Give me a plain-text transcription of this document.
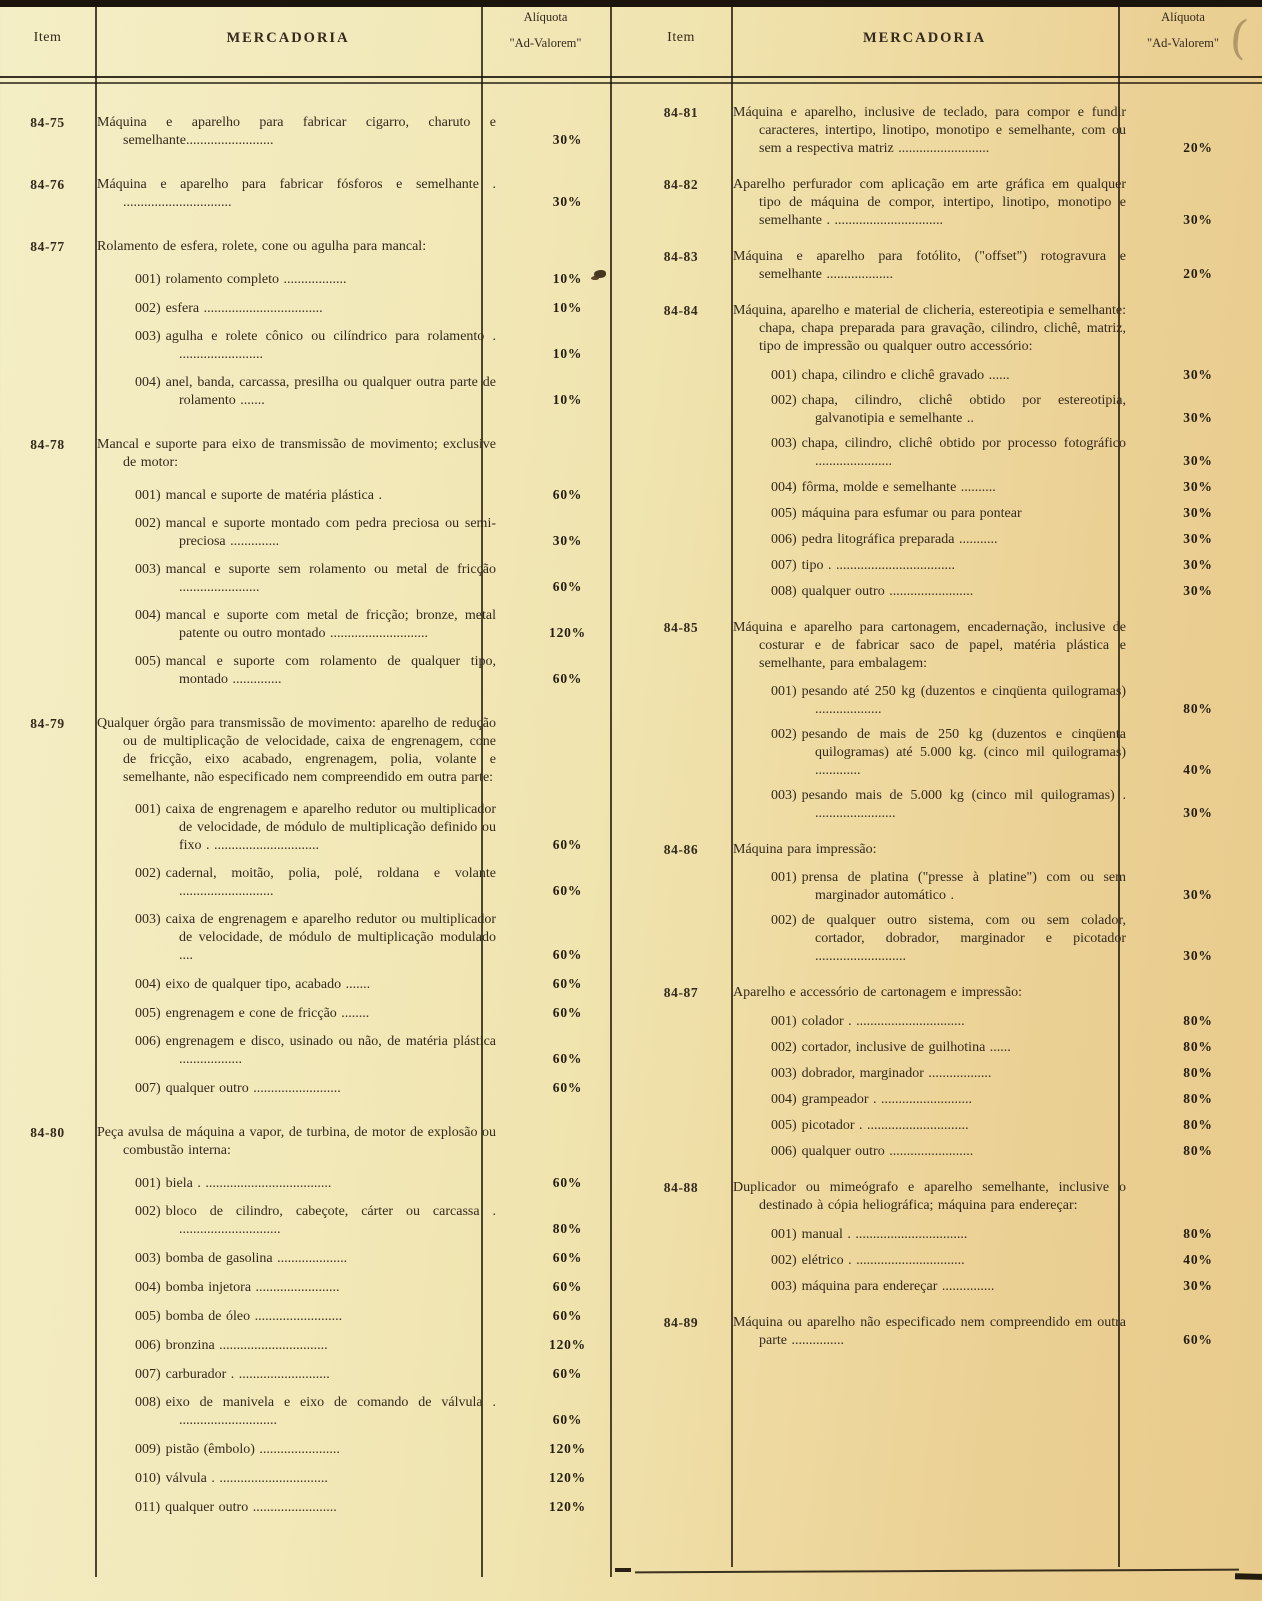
(
Item	MERCADORIA
Alíquota
"Ad-Valorem"
84-75	Máquina e aparelho para fabricar cigarro, charuto e semelhante.........................	30%
84-76	Máquina e aparelho para fabricar fósforos e semelhante . ...............................	30%
84-77	Rolamento de esfera, rolete, cone ou agulha para mancal:
001) rolamento completo ..................	10%
002) esfera ..................................	10%
003) agulha e rolete cônico ou cilíndrico para rolamento . ........................	10%
004) anel, banda, carcassa, presilha ou qualquer outra parte de rolamento .......	10%
84-78	Mancal e suporte para eixo de transmissão de movimento; exclusive de motor:
001) mancal e suporte de matéria plástica .	60%
002) mancal e suporte montado com pedra preciosa ou semi-preciosa ..............	30%
003) mancal e suporte sem rolamento ou metal de fricção .......................	60%
004) mancal e suporte com metal de fricção; bronze, metal patente ou outro montado ............................	120%
005) mancal e suporte com rolamento de qualquer tipo, montado ..............	60%
84-79	Qualquer órgão para transmissão de movimento: aparelho de redução ou de multiplicação de velocidade, caixa de engrenagem, cone de fricção, eixo acabado, engrenagem, polia, volante e semelhante, não especificado nem compreendido em outra parte:
001) caixa de engrenagem e aparelho redutor ou multiplicador de velocidade, de módulo de multiplicação definido ou fixo . ..............................	60%
002) cadernal, moitão, polia, polé, roldana e volante ...........................	60%
003) caixa de engrenagem e aparelho redutor ou multiplicador de velocidade, de módulo de multiplicação modulado ....	60%
004) eixo de qualquer tipo, acabado .......	60%
005) engrenagem e cone de fricção ........	60%
006) engrenagem e disco, usinado ou não, de matéria plástica ..................	60%
007) qualquer outro .........................	60%
84-80	Peça avulsa de máquina a vapor, de turbina, de motor de explosão ou combustão interna:
001) biela . ....................................	60%
002) bloco de cilindro, cabeçote, cárter ou carcassa . .............................	80%
003) bomba de gasolina ....................	60%
004) bomba injetora ........................	60%
005) bomba de óleo .........................	60%
006) bronzina ...............................	120%
007) carburador . ..........................	60%
008) eixo de manivela e eixo de comando de válvula . ............................	60%
009) pistão (êmbolo) .......................	120%
010) válvula . ...............................	120%
011) qualquer outro ........................	120%
Item	MERCADORIA
Alíquota
"Ad-Valorem"
84-81	Máquina e aparelho, inclusive de teclado, para compor e fundir caracteres, intertipo, linotipo, monotipo e semelhante, com ou sem a respectiva matriz ..........................	20%
84-82	Aparelho perfurador com aplicação em arte gráfica em qualquer tipo de máquina de compor, intertipo, linotipo, monotipo e semelhante . ...............................	30%
84-83	Máquina e aparelho para fotólito, ("offset") rotogravura e semelhante ...................	20%
84-84	Máquina, aparelho e material de clicheria, estereotipia e semelhante: chapa, chapa preparada para gravação, cilindro, clichê, matriz, tipo de impressão ou qualquer outro accessório:
001) chapa, cilindro e clichê gravado ......	30%
002) chapa, cilindro, clichê obtido por estereotipia, galvanotipia e semelhante ..	30%
003) chapa, cilindro, clichê obtido por processo fotográfico ......................	30%
004) fôrma, molde e semelhante ..........	30%
005) máquina para esfumar ou para pontear	30%
006) pedra litográfica preparada ...........	30%
007) tipo . ..................................	30%
008) qualquer outro ........................	30%
84-85	Máquina e aparelho para cartonagem, encadernação, inclusive de costurar e de fabricar saco de papel, matéria plástica e semelhante, para embalagem:
001) pesando até 250 kg (duzentos e cinqüenta quilogramas) ...................	80%
002) pesando de mais de 250 kg (duzentos e cinqüenta quilogramas) até 5.000 kg. (cinco mil quilogramas) .............	40%
003) pesando mais de 5.000 kg (cinco mil quilogramas) . .......................	30%
84-86	Máquina para impressão:
001) prensa de platina ("presse à platine") com ou sem marginador automático .	30%
002) de qualquer outro sistema, com ou sem colador, cortador, dobrador, marginador e picotador ..........................	30%
84-87	Aparelho e accessório de cartonagem e impressão:
001) colador . ...............................	80%
002) cortador, inclusive de guilhotina ......	80%
003) dobrador, marginador ..................	80%
004) grampeador . ..........................	80%
005) picotador . .............................	80%
006) qualquer outro ........................	80%
84-88	Duplicador ou mimeógrafo e aparelho semelhante, inclusive o destinado à cópia heliográfica; máquina para endereçar:
001) manual . ................................	80%
002) elétrico . ...............................	40%
003) máquina para endereçar ...............	30%
84-89	Máquina ou aparelho não especificado nem compreendido em outra parte ...............	60%
